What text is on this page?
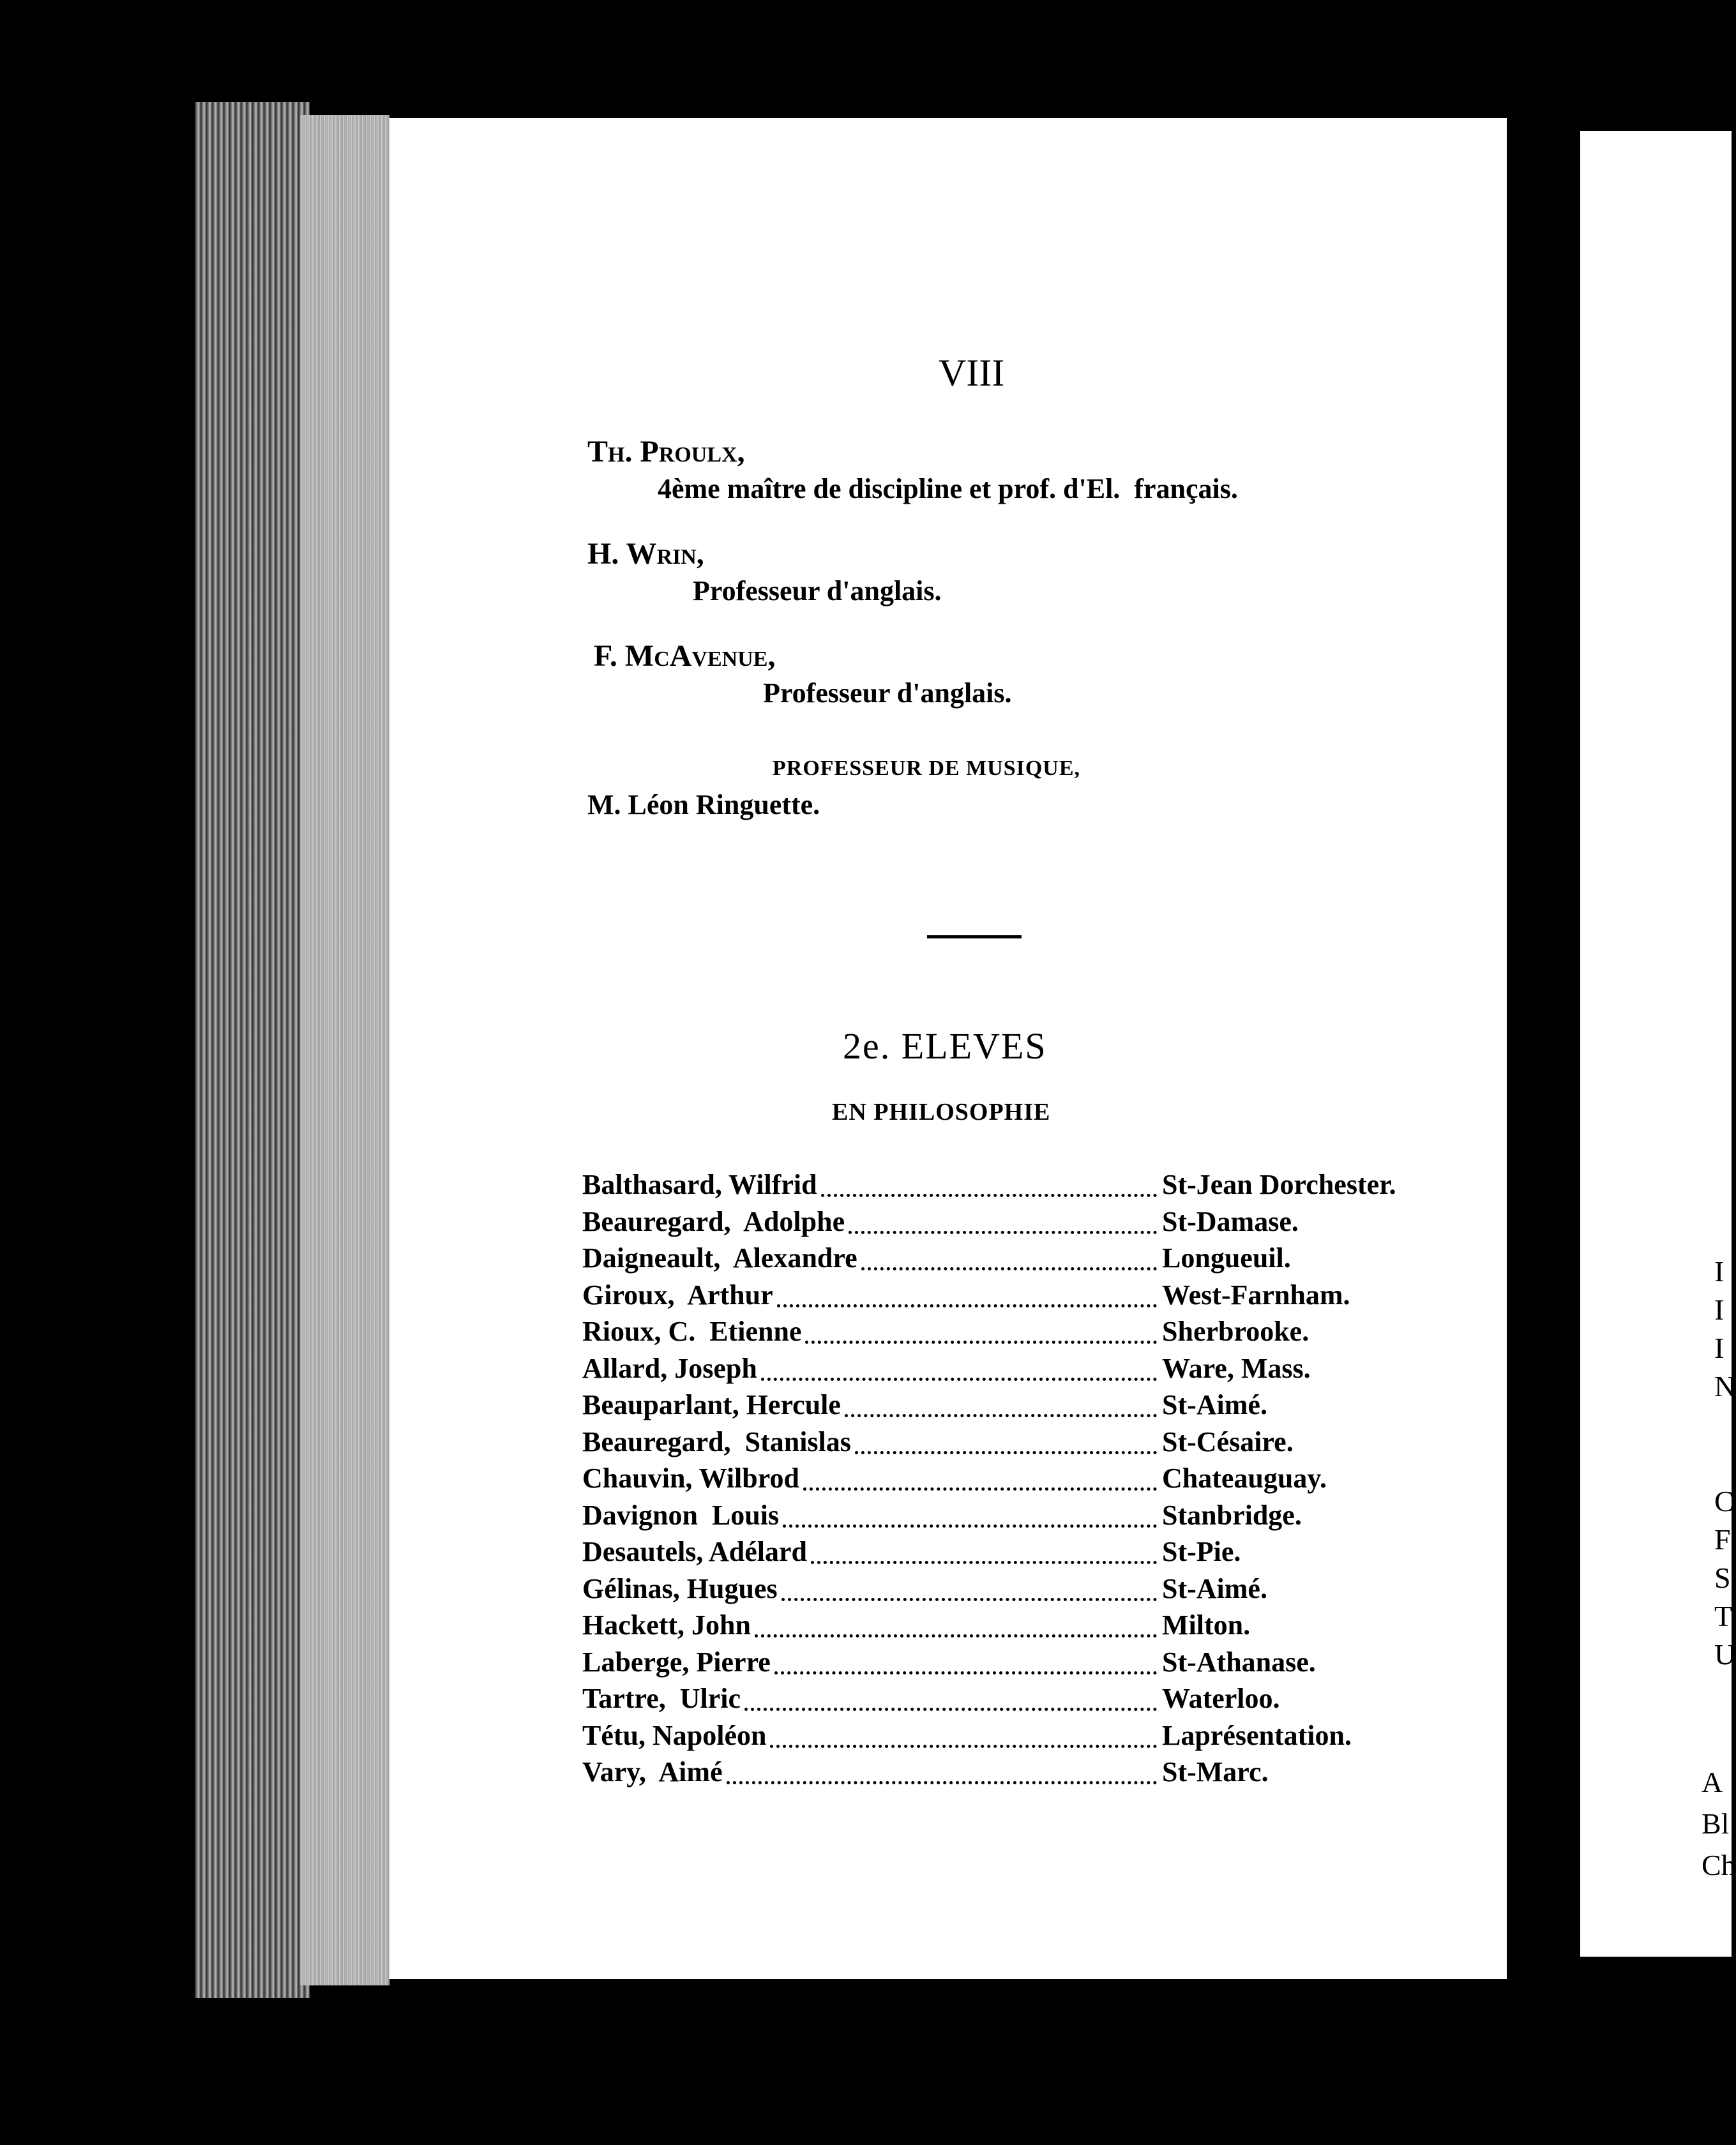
VIII
Th. Proulx,
4ème maître de discipline et prof. d'El.  français.
H. Wrin,
Professeur d'anglais.
F. McAvenue,
Professeur d'anglais.
PROFESSEUR DE MUSIQUE,
M. Léon Ringuette.
2e. ELEVES
EN PHILOSOPHIE
Balthasard, Wilfrid	St-Jean Dorchester.
Beauregard,  Adolphe	St-Damase.
Daigneault,  Alexandre	Longueuil.
Giroux,  Arthur	West-Farnham.
Rioux, C.  Etienne	Sherbrooke.
Allard, Joseph	Ware, Mass.
Beauparlant, Hercule	St-Aimé.
Beauregard,  Stanislas	St-Césaire.
Chauvin, Wilbrod	Chateauguay.
Davignon  Louis	Stanbridge.
Desautels, Adélard	St-Pie.
Gélinas, Hugues	St-Aimé.
Hackett, John	Milton.
Laberge, Pierre	St-Athanase.
Tartre,  Ulric	Waterloo.
Tétu, Napoléon	Laprésentation.
Vary,  Aimé	St-Marc.
I
I
I
N
C
F
S
T
U
A
Bl
Ch
